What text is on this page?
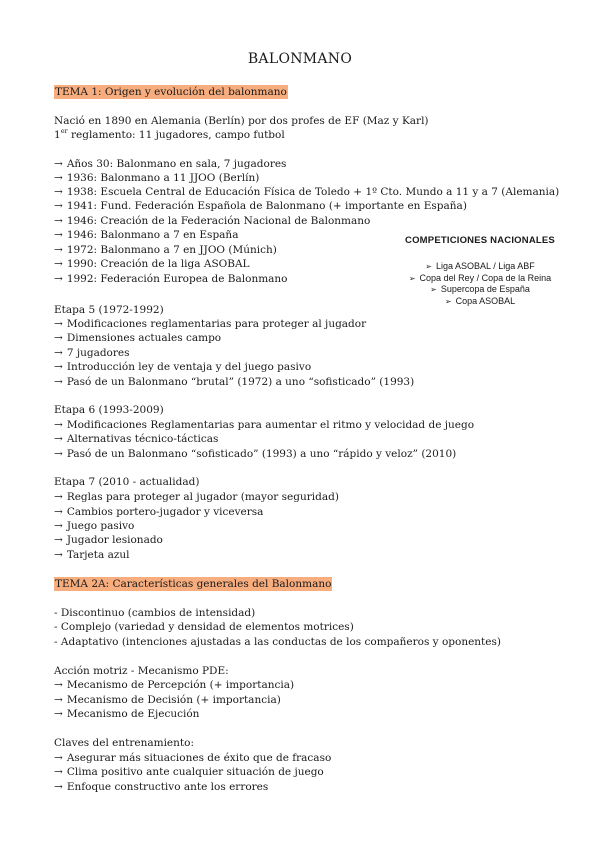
BALONMANO
TEMA 1: Origen y evolución del balonmano
Nació en 1890 en Alemania (Berlín) por dos profes de EF (Maz y Karl)
1er reglamento: 11 jugadores, campo futbol
→ Años 30: Balonmano en sala, 7 jugadores
→ 1936: Balonmano a 11 JJOO (Berlín)
→ 1938: Escuela Central de Educación Física de Toledo + 1º Cto. Mundo a 11 y a 7 (Alemania)
→ 1941: Fund. Federación Española de Balonmano (+ importante en España)
→ 1946: Creación de la Federación Nacional de Balonmano
→ 1946: Balonmano a 7 en España
→ 1972: Balonmano a 7 en JJOO (Múnich)
→ 1990: Creación de la liga ASOBAL
→ 1992: Federación Europea de Balonmano
COMPETICIONES NACIONALES
➢ Liga ASOBAL / Liga ABF
➢ Copa del Rey / Copa de la Reina
➢ Supercopa de España
➢ Copa ASOBAL
Etapa 5 (1972-1992)
→ Modificaciones reglamentarias para proteger al jugador
→ Dimensiones actuales campo
→ 7 jugadores
→ Introducción ley de ventaja y del juego pasivo
→ Pasó de un Balonmano “brutal” (1972) a uno “sofisticado” (1993)
Etapa 6 (1993-2009)
→ Modificaciones Reglamentarias para aumentar el ritmo y velocidad de juego
→ Alternativas técnico-tácticas
→ Pasó de un Balonmano “sofisticado” (1993) a uno “rápido y veloz” (2010)
Etapa 7 (2010 - actualidad)
→ Reglas para proteger al jugador (mayor seguridad)
→ Cambios portero-jugador y viceversa
→ Juego pasivo
→ Jugador lesionado
→ Tarjeta azul
TEMA 2A: Características generales del Balonmano
- Discontinuo (cambios de intensidad)
- Complejo (variedad y densidad de elementos motrices)
- Adaptativo (intenciones ajustadas a las conductas de los compañeros y oponentes)
Acción motriz - Mecanismo PDE:
→ Mecanismo de Percepción (+ importancia)
→ Mecanismo de Decisión (+ importancia)
→ Mecanismo de Ejecución
Claves del entrenamiento:
→ Asegurar más situaciones de éxito que de fracaso
→ Clima positivo ante cualquier situación de juego
→ Enfoque constructivo ante los errores
